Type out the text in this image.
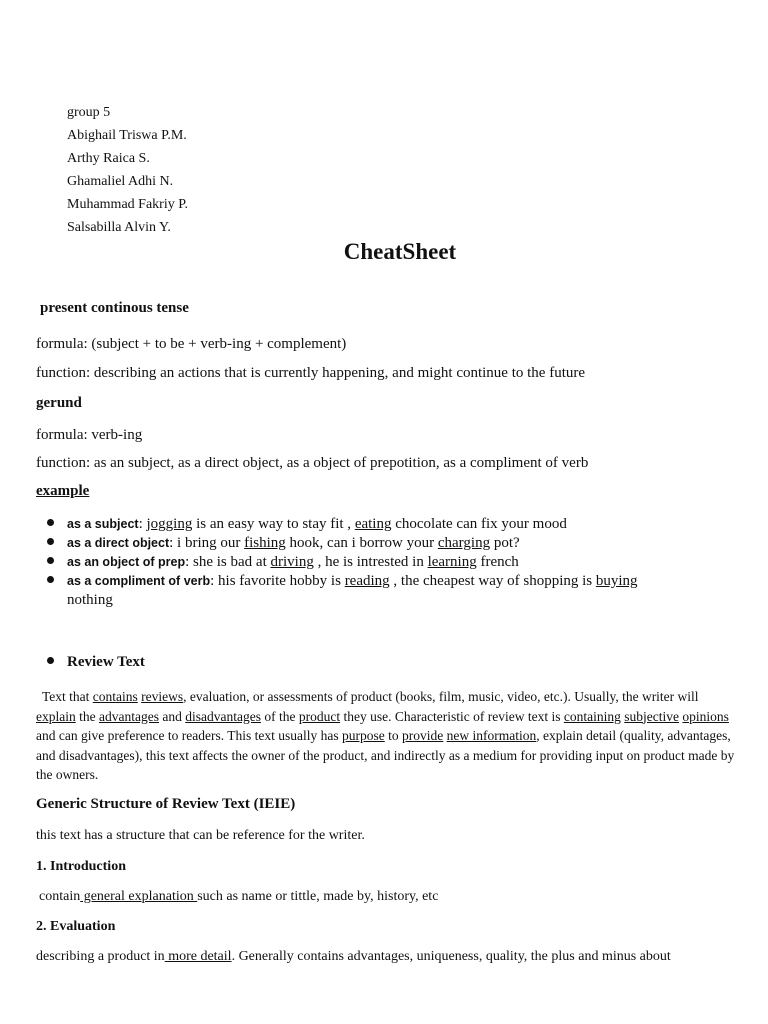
group 5
Abighail Triswa P.M.
Arthy Raica S.
Ghamaliel Adhi N.
Muhammad Fakriy P.
Salsabilla Alvin Y.
CheatSheet
present continous tense
formula: (subject + to be + verb-ing + complement)
function: describing an actions that is currently happening, and might continue to the future
gerund
formula: verb-ing
function: as an subject, as a direct object, as a object of prepotition, as a compliment of verb
example
as a subject: jogging is an easy way to stay fit , eating chocolate can fix your mood
as a direct object: i bring our fishing hook, can i borrow your charging pot?
as an object of prep: she is bad at driving , he is intrested in learning french
as a compliment of verb: his favorite hobby is reading , the cheapest way of shopping is buying
nothing
Review Text
Text that contains reviews, evaluation, or assessments of product (books, film, music, video, etc.). Usually, the writer will explain the advantages and disadvantages of the product they use. Characteristic of review text is containing subjective opinions and can give preference to readers. This text usually has purpose to provide new information, explain detail (quality, advantages, and disadvantages), this text affects the owner of the product, and indirectly as a medium for providing input on product made by the owners.
Generic Structure of Review Text (IEIE)
this text has a structure that can be reference for the writer.
1. Introduction
contain general explanation such as name or tittle, made by, history, etc
2. Evaluation
describing a product in more detail. Generally contains advantages, uniqueness, quality, the plus and minus about
